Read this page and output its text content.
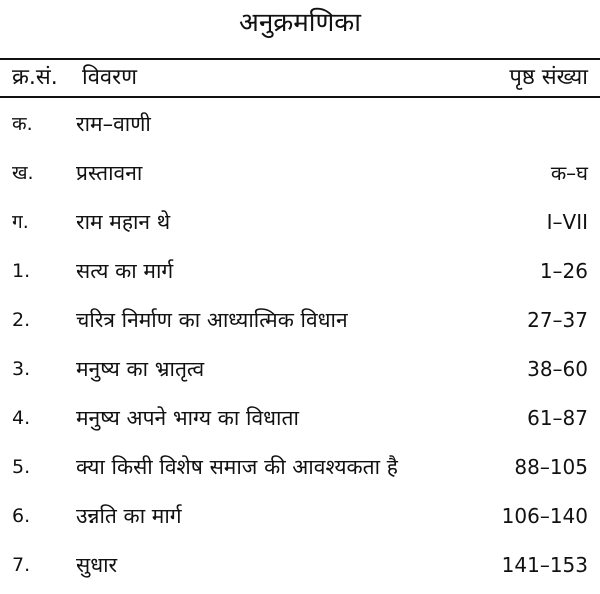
अनुक्रमणिका
क्र.सं. विवरण	पृष्ठ संख्या
क. राम–वाणी
ख. प्रस्तावना	क–घ
ग. राम महान थे	I–VII
1. सत्य का मार्ग	1–26
2. चरित्र निर्माण का आध्यात्मिक विधान	27–37
3. मनुष्य का भ्रातृत्व	38–60
4. मनुष्य अपने भाग्य का विधाता	61–87
5. क्या किसी विशेष समाज की आवश्यकता है	88–105
6. उन्नति का मार्ग	106–140
7. सुधार	141–153
